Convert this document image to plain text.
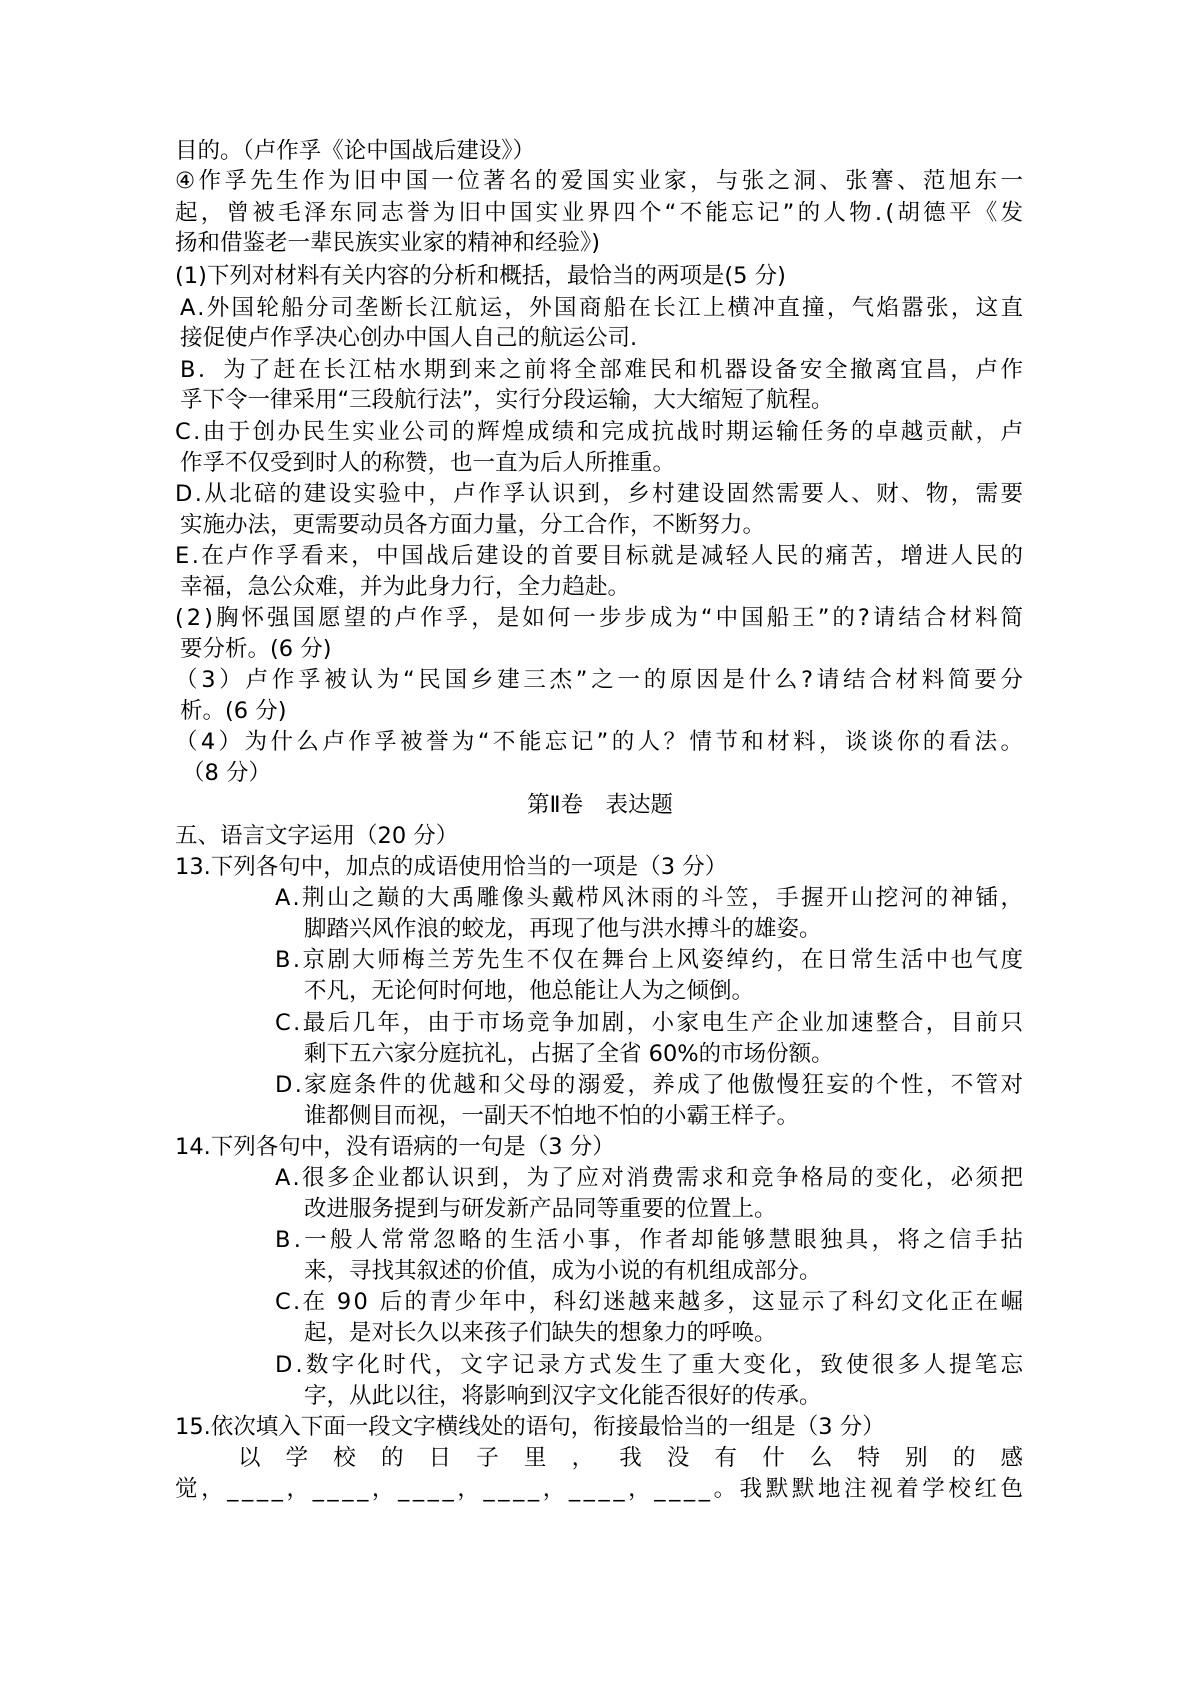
目的。（卢作孚《论中国战后建设》）
④作孚先生作为旧中国一位著名的爱国实业家，与张之洞、张謇、范旭东一
起，曾被毛泽东同志誉为旧中国实业界四个“不能忘记”的人物.(胡德平《发
扬和借鉴老一辈民族实业家的精神和经验》)
(1)下列对材料有关内容的分析和概括，最恰当的两项是(5 分)
A.外国轮船分司垄断长江航运，外国商船在长江上横冲直撞，气焰嚣张，这直
接促使卢作孚决心创办中国人自己的航运公司.
B．为了赶在长江枯水期到来之前将全部难民和机器设备安全撤离宜昌，卢作
孚下令一律采用“三段航行法”，实行分段运输，大大缩短了航程。
C.由于创办民生实业公司的辉煌成绩和完成抗战时期运输任务的卓越贡献，卢
作孚不仅受到时人的称赞，也一直为后人所推重。
D.从北碚的建设实验中，卢作孚认识到，乡村建设固然需要人、财、物，需要
实施办法，更需要动员各方面力量，分工合作，不断努力。
E.在卢作孚看来，中国战后建设的首要目标就是减轻人民的痛苦，增进人民的
幸福，急公众难，并为此身力行，全力趋赴。
(2)胸怀强国愿望的卢作孚，是如何一步步成为“中国船王”的?请结合材料简
要分析。(6 分)
（3）卢作孚被认为“民国乡建三杰”之一的原因是什么?请结合材料简要分
析。(6 分)
（4）为什么卢作孚被誉为“不能忘记”的人？情节和材料，谈谈你的看法。
（8 分）
第Ⅱ卷　表达题
五、语言文字运用（20 分）
13.下列各句中，加点的成语使用恰当的一项是（3 分）
A.荆山之巅的大禹雕像头戴栉风沐雨的斗笠，手握开山挖河的神锸，
脚踏兴风作浪的蛟龙，再现了他与洪水搏斗的雄姿。
B.京剧大师梅兰芳先生不仅在舞台上风姿绰约，在日常生活中也气度
不凡，无论何时何地，他总能让人为之倾倒。
C.最后几年，由于市场竞争加剧，小家电生产企业加速整合，目前只
剩下五六家分庭抗礼，占据了全省 60%的市场份额。
D.家庭条件的优越和父母的溺爱，养成了他傲慢狂妄的个性，不管对
谁都侧目而视，一副天不怕地不怕的小霸王样子。
14.下列各句中，没有语病的一句是（3 分）
A.很多企业都认识到，为了应对消费需求和竞争格局的变化，必须把
改进服务提到与研发新产品同等重要的位置上。
B.一般人常常忽略的生活小事，作者却能够慧眼独具，将之信手拈
来，寻找其叙述的价值，成为小说的有机组成部分。
C.在 90 后的青少年中，科幻迷越来越多，这显示了科幻文化正在崛
起，是对长久以来孩子们缺失的想象力的呼唤。
D.数字化时代，文字记录方式发生了重大变化，致使很多人提笔忘
字，从此以往，将影响到汉字文化能否很好的传承。
15.依次填入下面一段文字横线处的语句，衔接最恰当的一组是（3 分）
以学校的日子里，我没有什么特别的感
觉，____，____，____，____，____，____。我默默地注视着学校红色
